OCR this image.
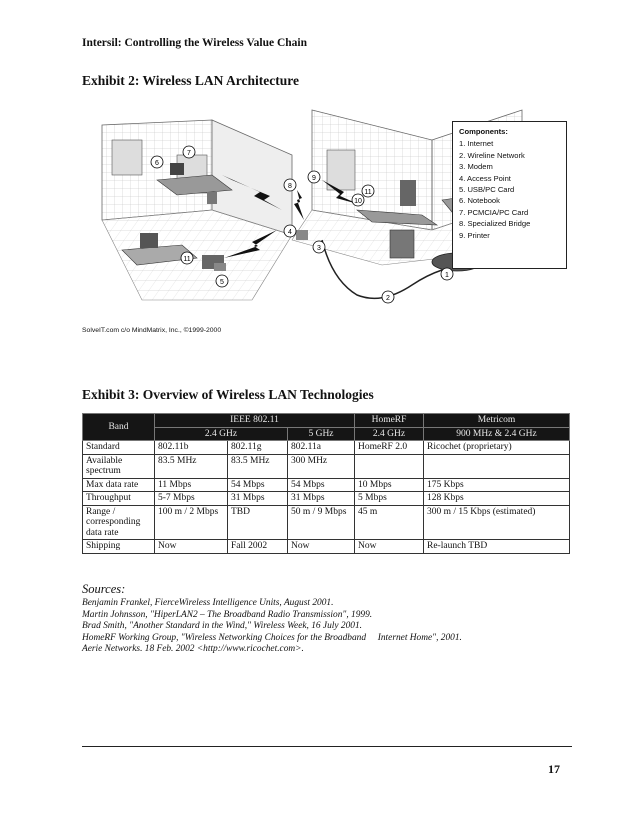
Intersil: Controlling the Wireless Value Chain
Exhibit 2: Wireless LAN Architecture
6
7
8
9
10
11
4
3
11
5
1
2
Components:
1. Internet
2. Wireline Network
3. Modem
4. Access Point
5. USB/PC Card
6. Notebook
7. PCMCIA/PC Card
8. Specialized Bridge
9. Printer
SolveIT.com c/o MindMatrix, Inc., ©1999-2000
Exhibit 3: Overview of Wireless LAN Technologies
Band	IEEE 802.11			HomeRF	Metricom
	2.4 GHz		5 GHz	2.4 GHz	900 MHz & 2.4 GHz
Standard	802.11b	802.11g	802.11a	HomeRF 2.0	Ricochet (proprietary)
Available spectrum	83.5 MHz	83.5 MHz	300 MHz		
Max data rate	11 Mbps	54 Mbps	54 Mbps	10 Mbps	175 Kbps
Throughput	5-7 Mbps	31 Mbps	31 Mbps	5 Mbps	128 Kbps
Range / corresponding data rate	100 m / 2 Mbps	TBD	50 m / 9 Mbps	45 m	300 m / 15 Kbps (estimated)
Shipping	Now	Fall 2002	Now	Now	Re-launch TBD
Sources:
Benjamin Frankel, FierceWireless Intelligence Units, August 2001.
Martin Johnsson, "HiperLAN2 – The Broadband Radio Transmission", 1999.
Brad Smith, "Another Standard in the Wind," Wireless Week, 16 July 2001.
HomeRF Working Group, "Wireless Networking Choices for the Broadband     Internet Home", 2001.
Aerie Networks. 18 Feb. 2002 <http://www.ricochet.com>.
17
